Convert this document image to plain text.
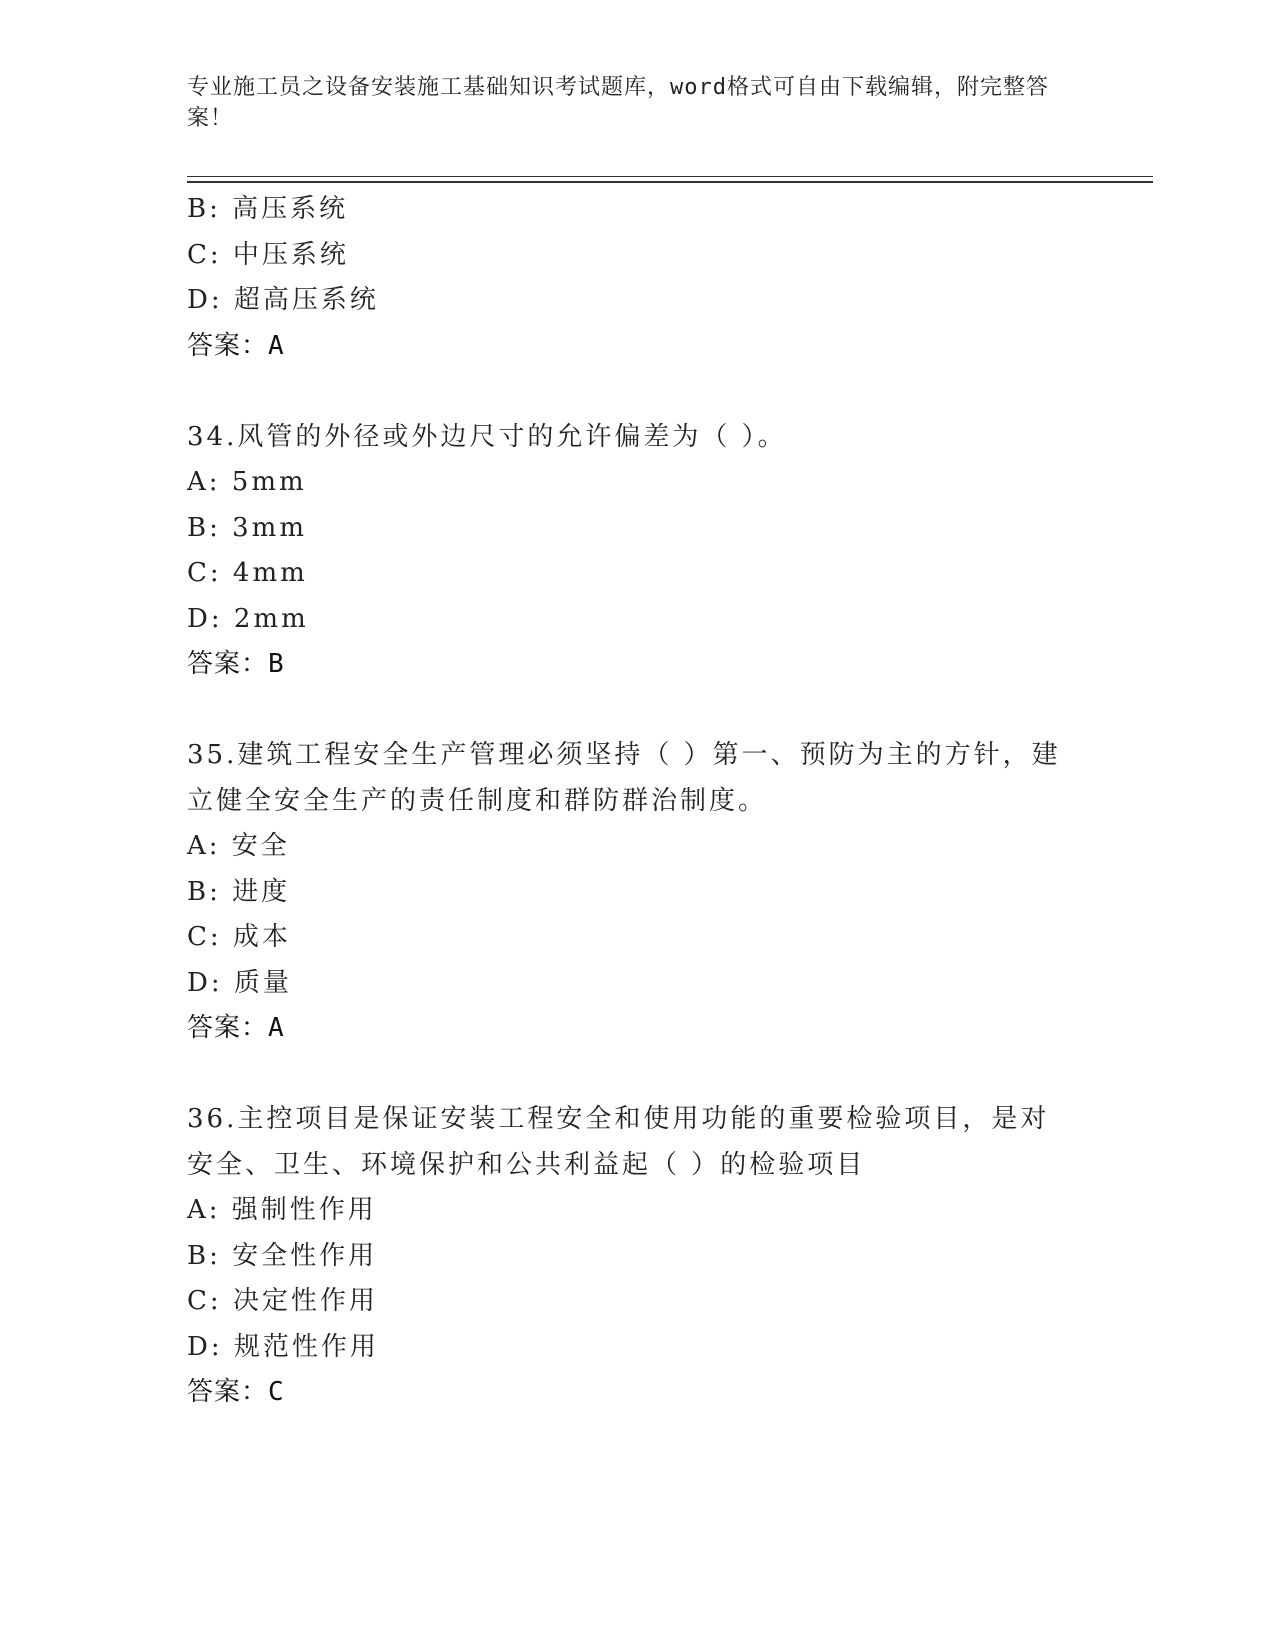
专业施工员之设备安装施工基础知识考试题库，word格式可自由下载编辑，附完整答案！
B: 高压系统
C: 中压系统
D: 超高压系统
答案：A
34.风管的外径或外边尺寸的允许偏差为（ ）。
A: 5mm
B: 3mm
C: 4mm
D: 2mm
答案：B
35.建筑工程安全生产管理必须坚持（ ）第一、预防为主的方针，建立健全安全生产的责任制度和群防群治制度。
A: 安全
B: 进度
C: 成本
D: 质量
答案：A
36.主控项目是保证安装工程安全和使用功能的重要检验项目，是对安全、卫生、环境保护和公共利益起（ ）的检验项目
A: 强制性作用
B: 安全性作用
C: 决定性作用
D: 规范性作用
答案：C
